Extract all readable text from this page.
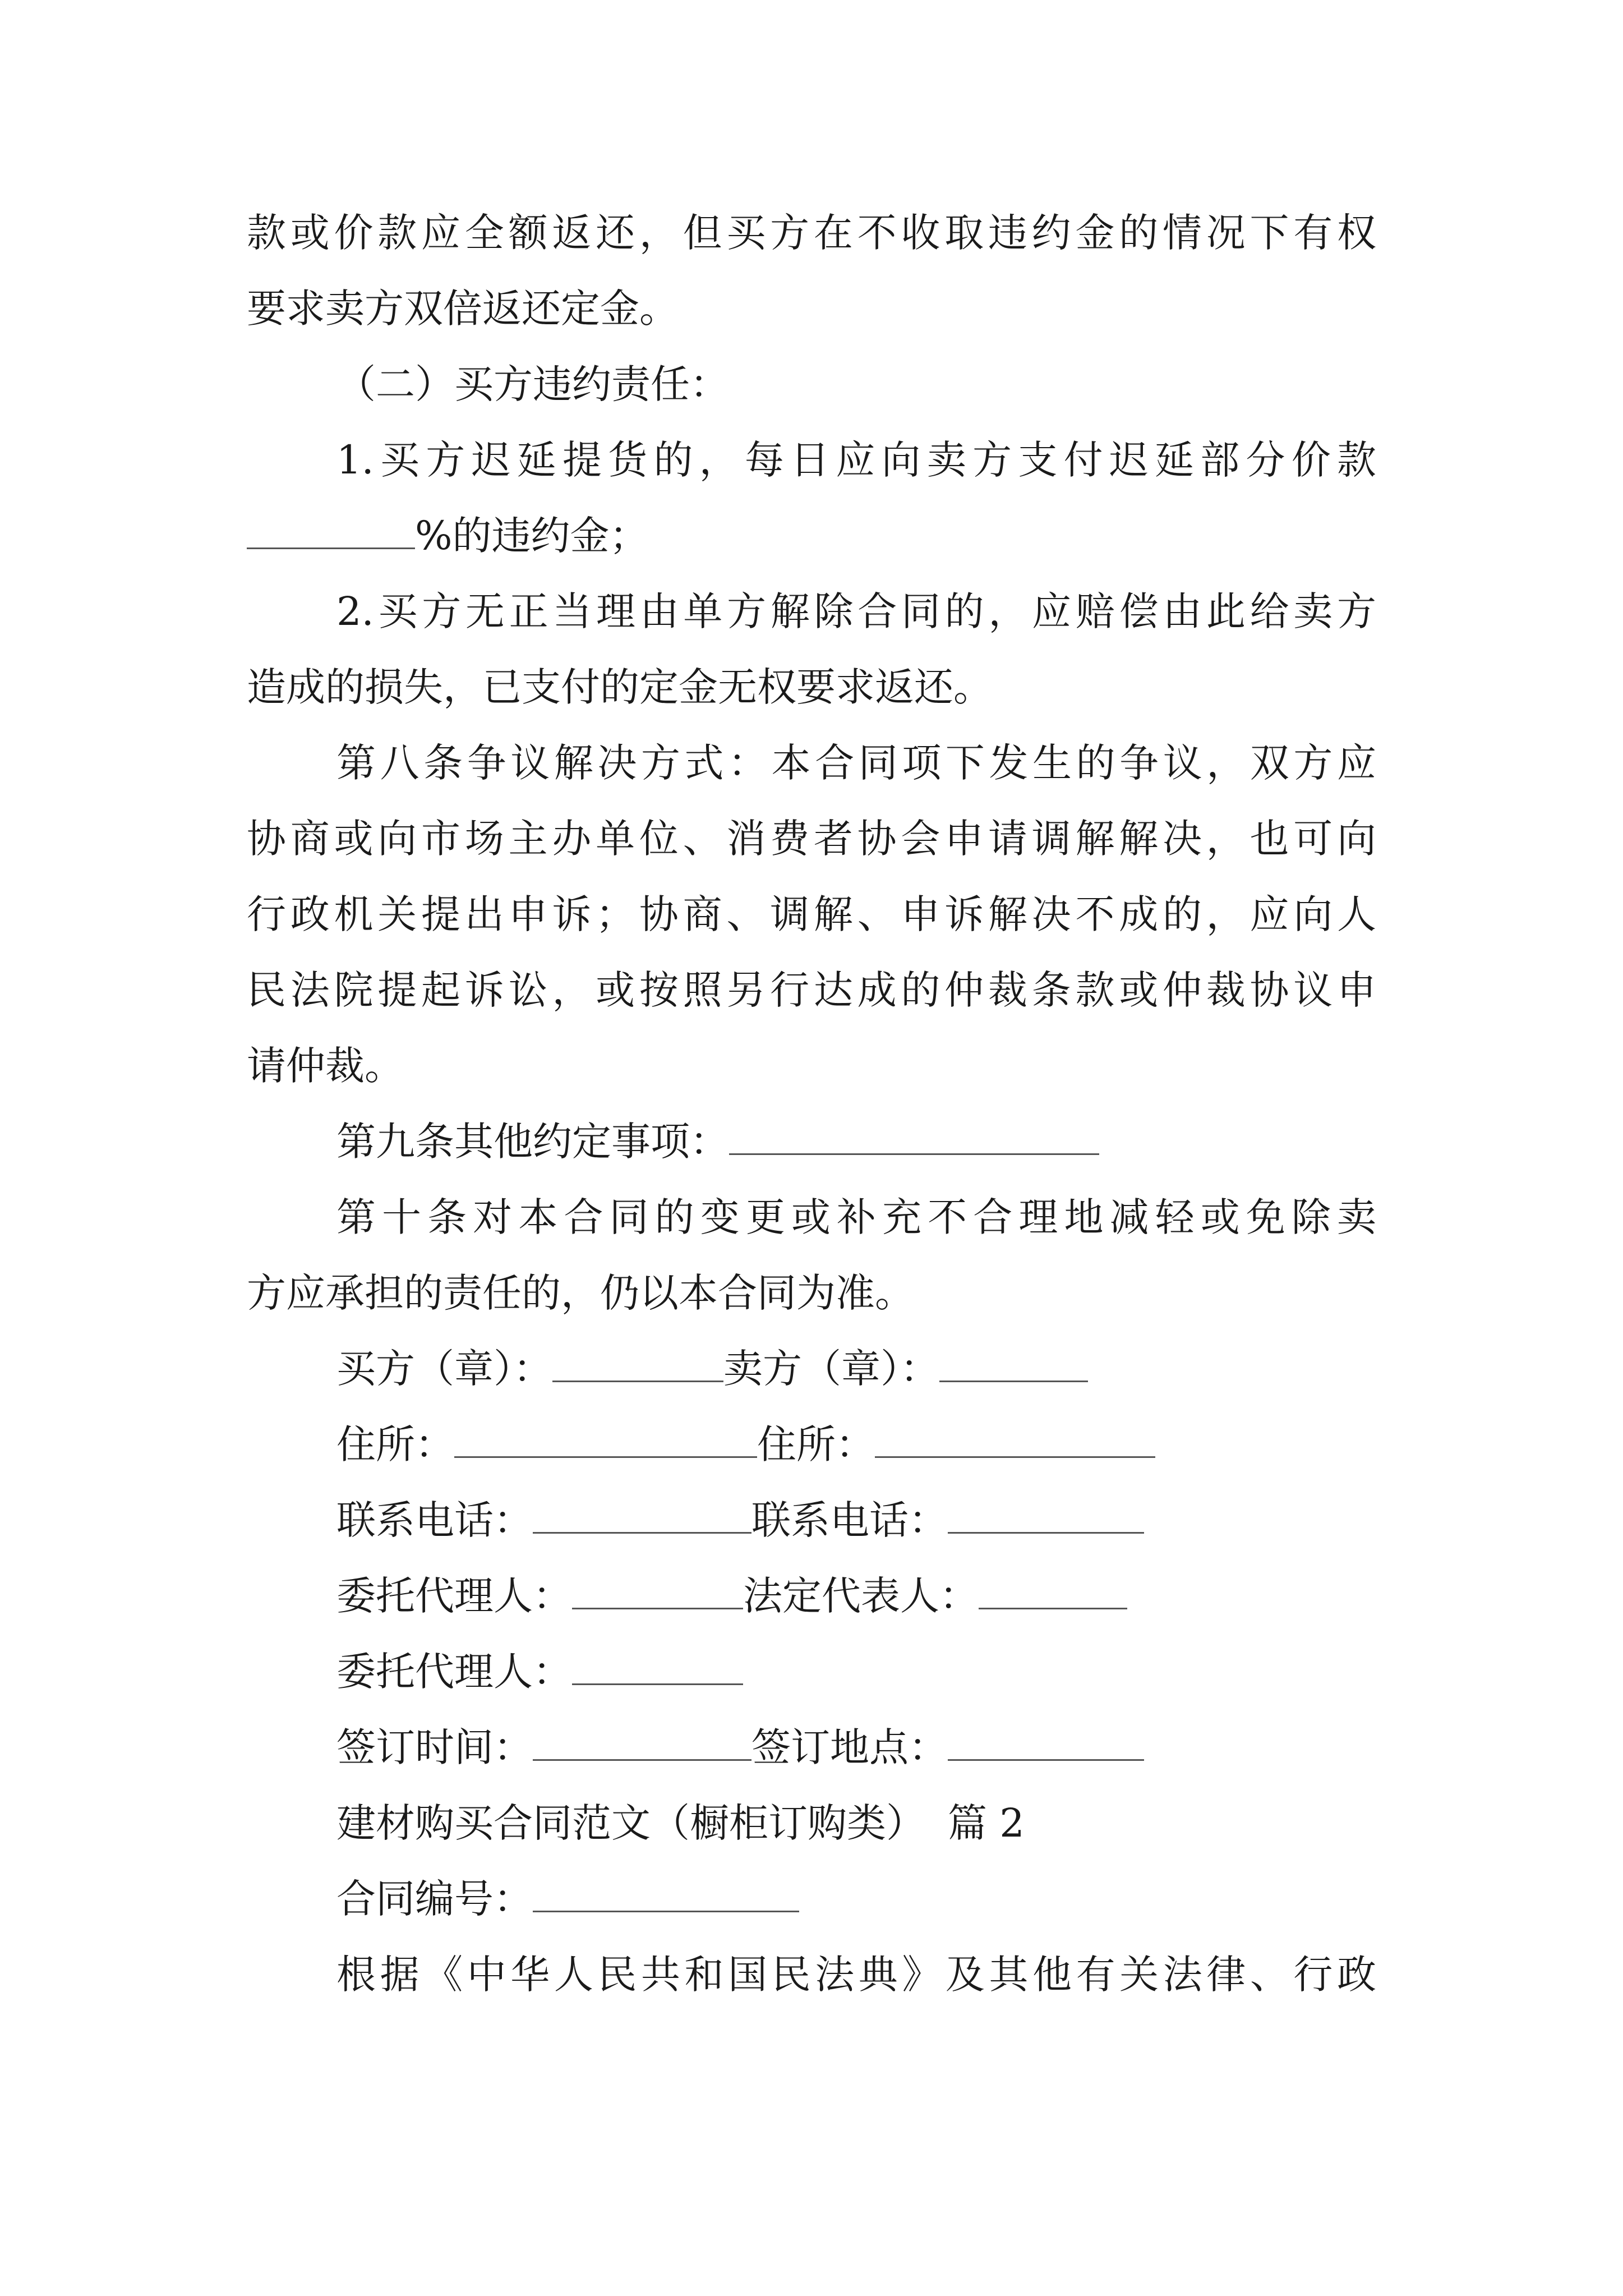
款或价款应全额返还，但买方在不收取违约金的情况下有权
要求卖方双倍返还定金。
（二）买方违约责任：
1.买方迟延提货的，每日应向卖方支付迟延部分价款
%的违约金；
2.买方无正当理由单方解除合同的，应赔偿由此给卖方
造成的损失，已支付的定金无权要求返还。
第八条争议解决方式：本合同项下发生的争议，双方应
协商或向市场主办单位、消费者协会申请调解解决，也可向
行政机关提出申诉；协商、调解、申诉解决不成的，应向人
民法院提起诉讼，或按照另行达成的仲裁条款或仲裁协议申
请仲裁。
第九条其他约定事项：
第十条对本合同的变更或补充不合理地减轻或免除卖
方应承担的责任的，仍以本合同为准。
买方（章）：	卖方（章）：
住所：	住所：
联系电话：	联系电话：
委托代理人：	法定代表人：
委托代理人：
签订时间：	签订地点：
建材购买合同范文（橱柜订购类） 篇 2
合同编号：
根据《中华人民共和国民法典》及其他有关法律、行政
